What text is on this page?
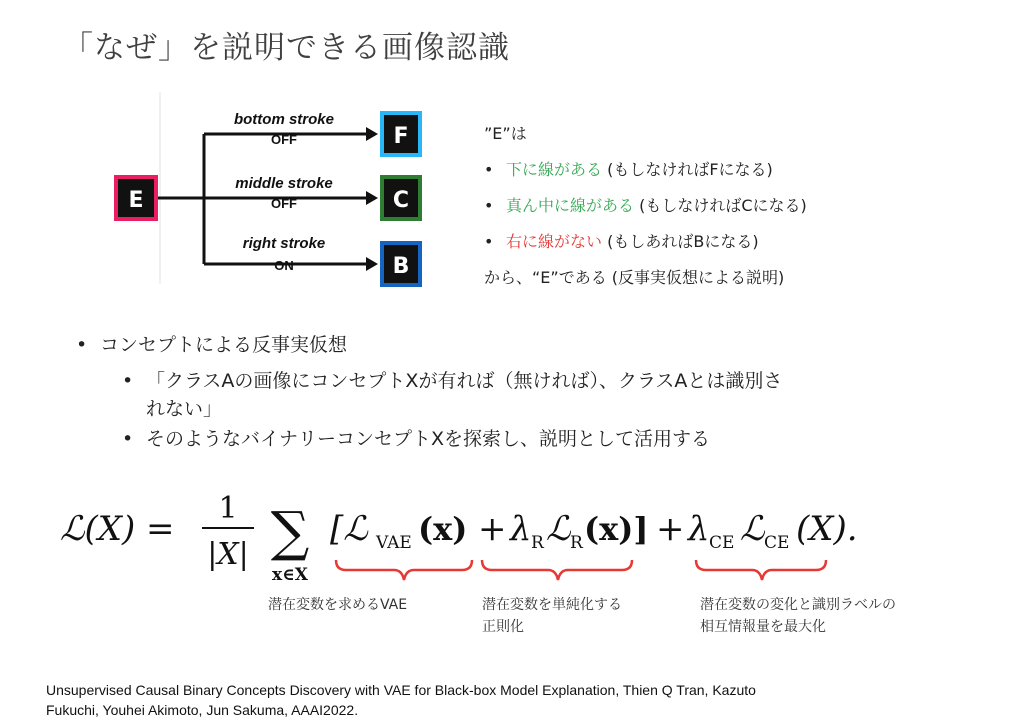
「なぜ」を説明できる画像認識
E
bottom stroke
OFF	F
middle stroke
OFF	C
right stroke
ON	B
”E”は
• 下に線がある (もしなければFになる)
• 真ん中に線がある (もしなければCになる)
• 右に線がない (もしあればBになる)
から、“E”である (反事実仮想による説明)
• コンセプトによる反事実仮想
• 「クラスAの画像にコンセプトXが有れば（無ければ）、クラスAとは識別さ
れない」
• そのようなバイナリーコンセプトXを探索し、説明として活用する
ℒ(X) =
1
|X| ∑
x∈X
[ℒ VAE (x) + λ R ℒ R (x)] + λ CE ℒ CE (X).
潜在変数を求めるVAE	潜在変数を単純化する
正則化
潜在変数の変化と識別ラベルの
相互情報量を最大化
Unsupervised Causal Binary Concepts Discovery with VAE for Black-box Model Explanation, Thien Q Tran, Kazuto
Fukuchi, Youhei Akimoto, Jun Sakuma, AAAI2022.
